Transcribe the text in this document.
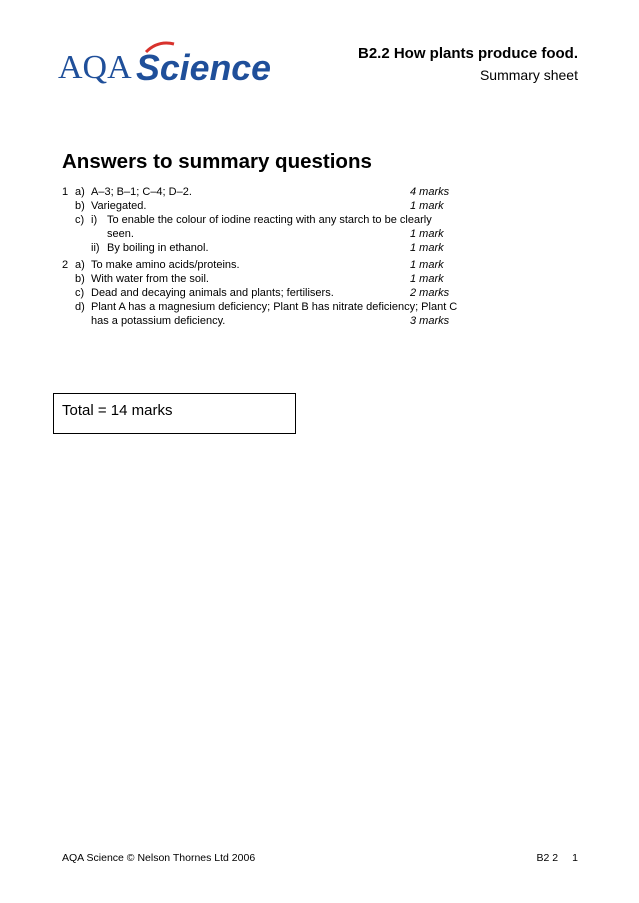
AQA Science	B2.2 How plants produce food.
Summary sheet
Answers to summary questions
1 a) A–3; B–1; C–4; D–2.	4 marks
b) Variegated.	1 mark
c) i) To enable the colour of iodine reacting with any starch to be clearly
seen.	1 mark
ii) By boiling in ethanol.	1 mark
2 a) To make amino acids/proteins.	1 mark
b) With water from the soil.	1 mark
c) Dead and decaying animals and plants; fertilisers.	2 marks
d) Plant A has a magnesium deficiency; Plant B has nitrate deficiency; Plant C
has a potassium deficiency.	3 marks
Total = 14 marks
AQA Science © Nelson Thornes Ltd 2006	B2 2 1
